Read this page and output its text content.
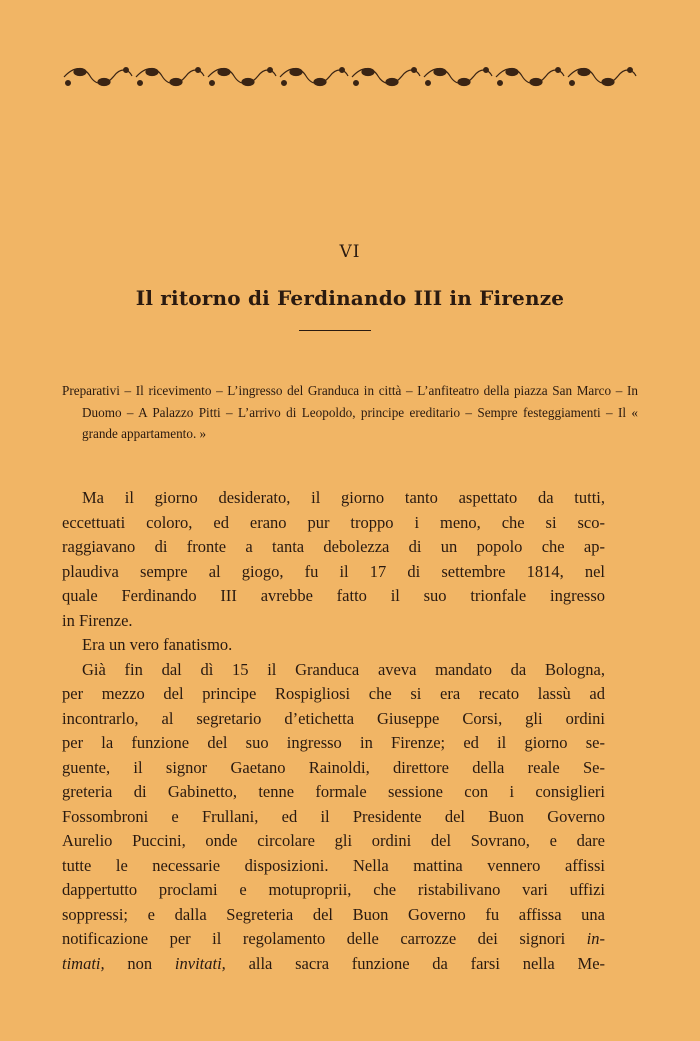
VI
Il ritorno di Ferdinando III in Firenze
Preparativi – Il ricevimento – L’ingresso del Granduca in città – L’anfiteatro della piazza San Marco – In Duomo – A Palazzo Pitti – L’arrivo di Leopoldo, principe ereditario – Sempre festeggiamenti – Il « grande appartamento. »
Ma il giorno desiderato, il giorno tanto aspettato da tutti,
eccettuati coloro, ed erano pur troppo i meno, che si sco-
raggiavano di fronte a tanta debolezza di un popolo che ap-
plaudiva sempre al giogo, fu il 17 di settembre 1814, nel
quale Ferdinando III avrebbe fatto il suo trionfale ingresso
in Firenze.
Era un vero fanatismo.
Già fin dal dì 15 il Granduca aveva mandato da Bologna,
per mezzo del principe Rospigliosi che si era recato lassù ad
incontrarlo, al segretario d’etichetta Giuseppe Corsi, gli ordini
per la funzione del suo ingresso in Firenze; ed il giorno se-
guente, il signor Gaetano Rainoldi, direttore della reale Se-
greteria di Gabinetto, tenne formale sessione con i consiglieri
Fossombroni e Frullani, ed il Presidente del Buon Governo
Aurelio Puccini, onde circolare gli ordini del Sovrano, e dare
tutte le necessarie disposizioni. Nella mattina vennero affissi
dappertutto proclami e motuproprii, che ristabilivano vari uffizi
soppressi; e dalla Segreteria del Buon Governo fu affissa una
notificazione per il regolamento delle carrozze dei signori in-
timati, non invitati, alla sacra funzione da farsi nella Me-
